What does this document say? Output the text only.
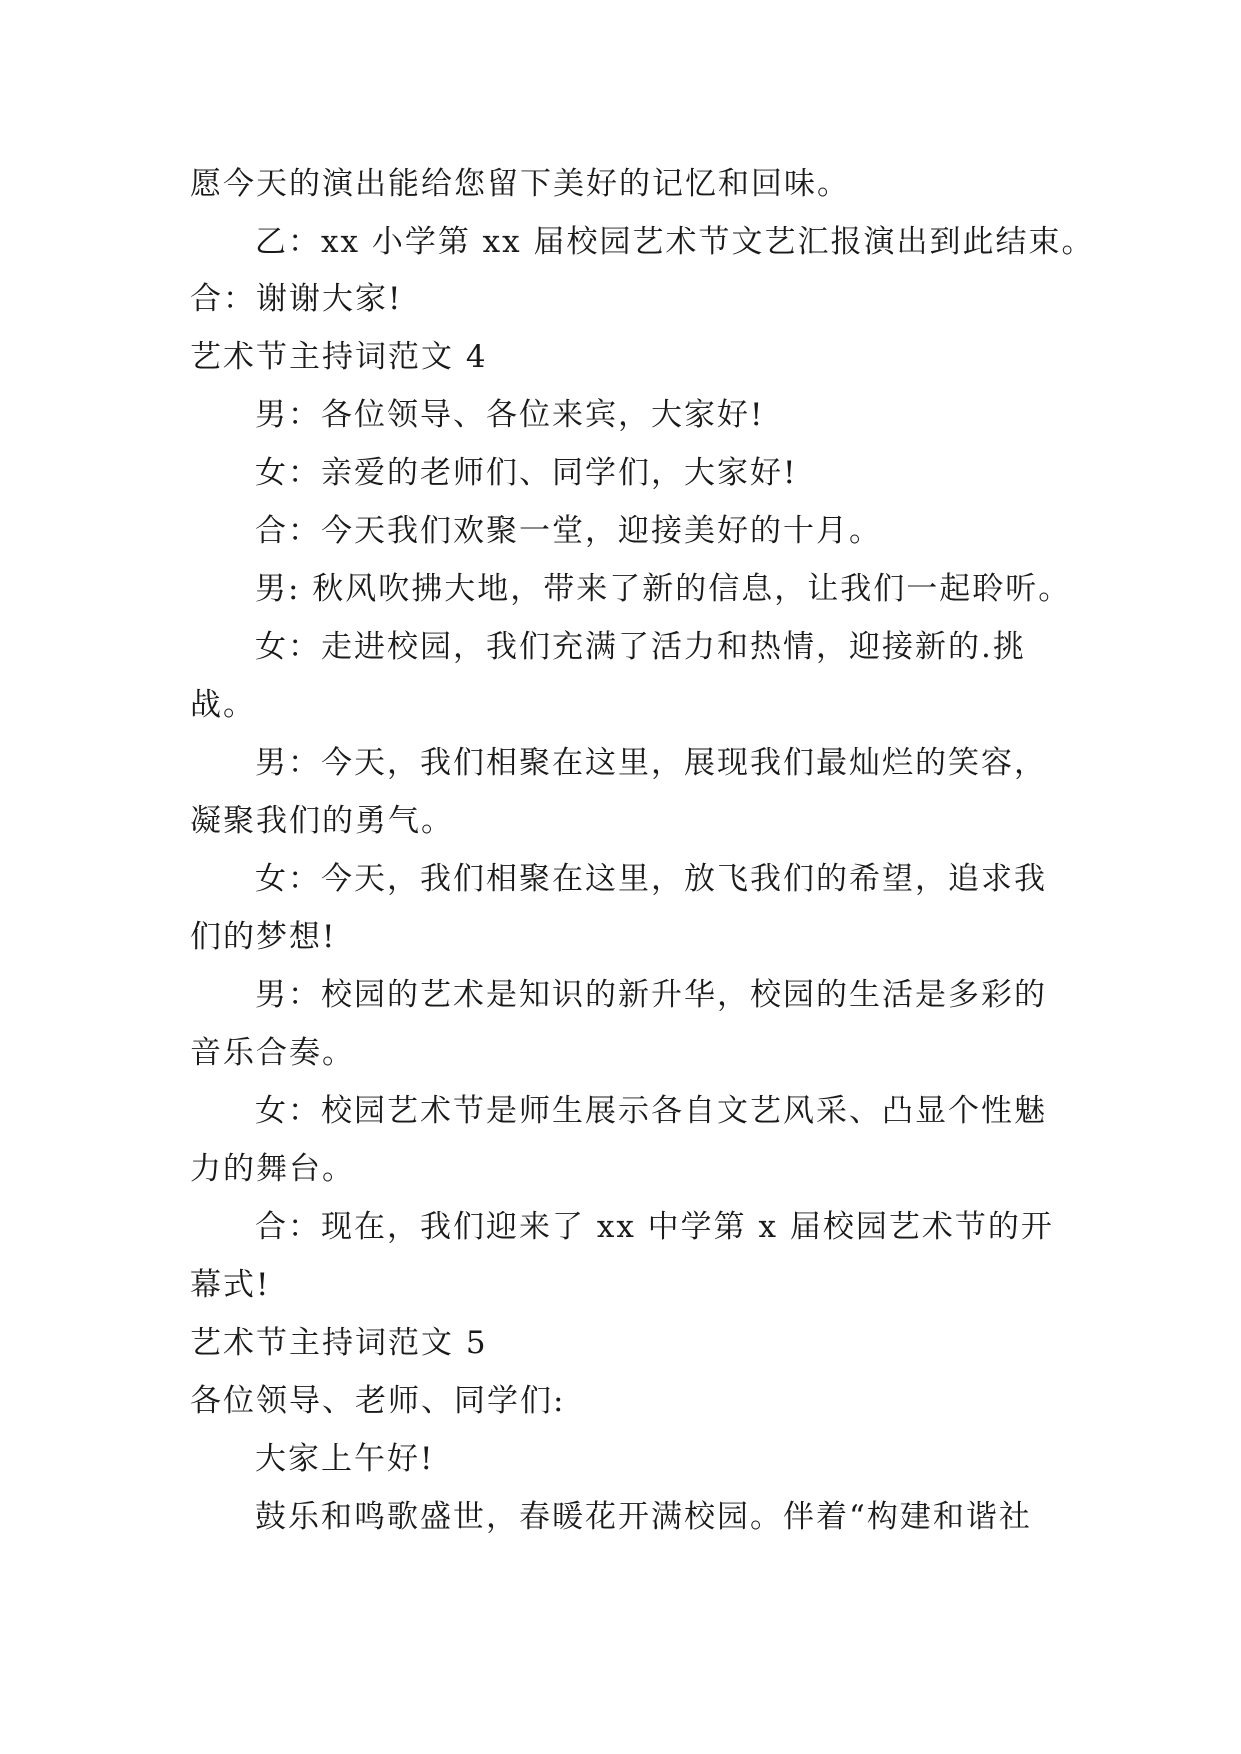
愿今天的演出能给您留下美好的记忆和回味。
乙：xx 小学第 xx 届校园艺术节文艺汇报演出到此结束。
合：谢谢大家!
艺术节主持词范文 4
男：各位领导、各位来宾，大家好!
女：亲爱的老师们、同学们，大家好!
合：今天我们欢聚一堂，迎接美好的十月。
男: 秋风吹拂大地，带来了新的信息，让我们一起聆听。
女：走进校园，我们充满了活力和热情，迎接新的.挑
战。
男：今天，我们相聚在这里，展现我们最灿烂的笑容，
凝聚我们的勇气。
女：今天，我们相聚在这里，放飞我们的希望，追求我
们的梦想!
男：校园的艺术是知识的新升华，校园的生活是多彩的
音乐合奏。
女：校园艺术节是师生展示各自文艺风采、凸显个性魅
力的舞台。
合：现在，我们迎来了 xx 中学第 x 届校园艺术节的开
幕式!
艺术节主持词范文 5
各位领导、老师、同学们:
大家上午好!
鼓乐和鸣歌盛世，春暖花开满校园。伴着“构建和谐社
